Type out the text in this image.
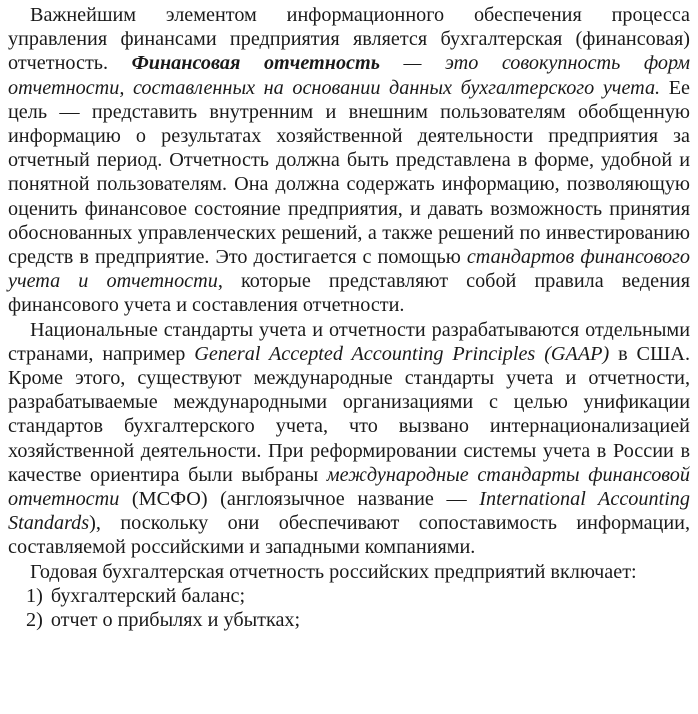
Важнейшим элементом информационного обеспечения процесса управления финансами предприятия является бухгалтерская (финансовая) отчетность. Финансовая отчетность — это совокупность форм отчетности, составленных на основании данных бухгалтерского учета. Ее цель — представить внутренним и внешним пользователям обобщенную информацию о результатах хозяйственной деятельности предприятия за отчетный период. Отчетность должна быть представлена в форме, удобной и понятной пользователям. Она должна содержать информацию, позволяющую оценить финансовое состояние предприятия, и давать возможность принятия обоснованных управленческих решений, а также решений по инвестированию средств в предприятие. Это достигается с помощью стандартов финансового учета и отчетности, которые представляют собой правила ведения финансового учета и составления отчетности.

Национальные стандарты учета и отчетности разрабатываются отдельными странами, например General Accepted Accounting Principles (GAAP) в США. Кроме этого, существуют международные стандарты учета и отчетности, разрабатываемые международными организациями с целью унификации стандартов бухгалтерского учета, что вызвано интернационализацией хозяйственной деятельности. При реформировании системы учета в России в качестве ориентира были выбраны международные стандарты финансовой отчетности (МСФО) (англоязычное название — International Accounting Standards), поскольку они обеспечивают сопоставимость информации, составляемой российскими и западными компаниями.

Годовая бухгалтерская отчетность российских предприятий включает:

1) бухгалтерский баланс;
2) отчет о прибылях и убытках;
